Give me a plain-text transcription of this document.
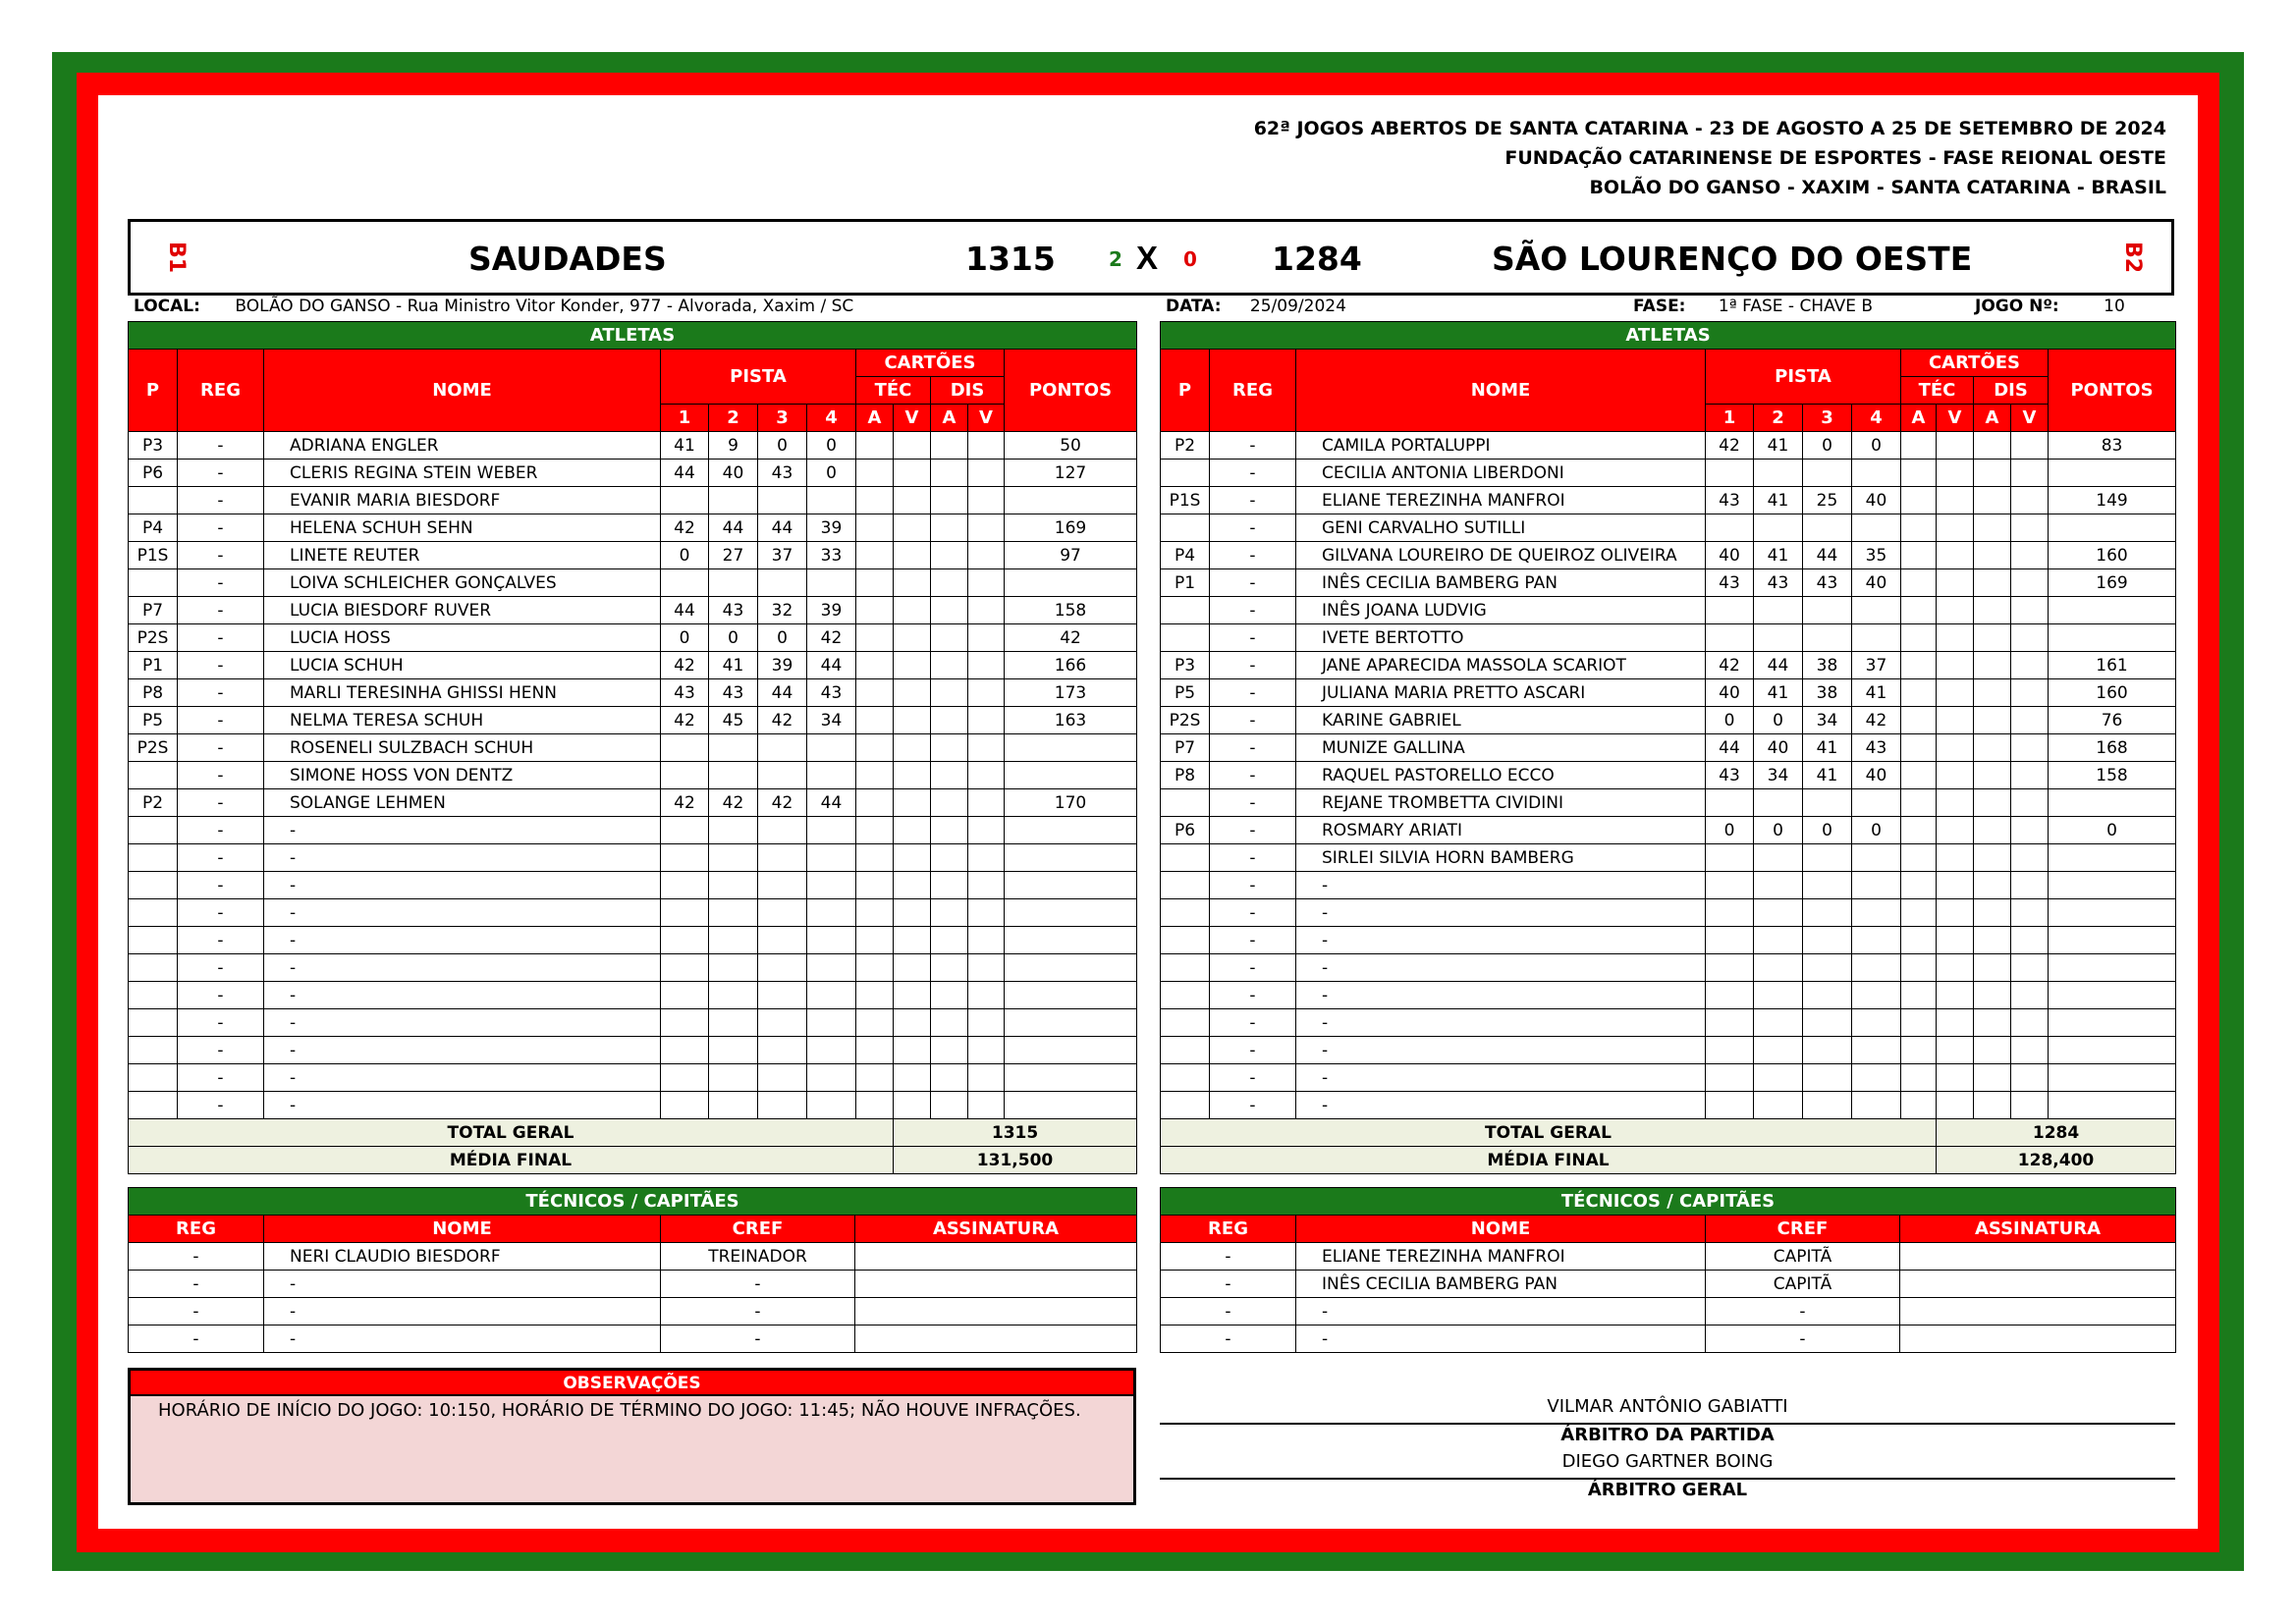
62ª JOGOS ABERTOS DE SANTA CATARINA - 23 DE AGOSTO A 25 DE SETEMBRO DE 2024
FUNDAÇÃO CATARINENSE DE ESPORTES - FASE REIONAL OESTE
BOLÃO DO GANSO - XAXIM - SANTA CATARINA - BRASIL
B1	SAUDADES	1315	2 X 0 1284	SÃO LOURENÇO DO OESTE	B2
LOCAL: BOLÃO DO GANSO - Rua Ministro Vitor Konder, 977 - Alvorada, Xaxim / SC	DATA: 25/09/2024	FASE: 1ª FASE - CHAVE B	JOGO Nº:	10
ATLETAS											
P	REG	NOME	PISTA				CARTÕES				PONTOS
							TÉC		DIS		
			1	2	3	4	A	V	A	V	
P3	-	ADRIANA ENGLER	41	9	0	0					50
P6	-	CLERIS REGINA STEIN WEBER	44	40	43	0					127
	-	EVANIR MARIA BIESDORF									
P4	-	HELENA SCHUH SEHN	42	44	44	39					169
P1S	-	LINETE REUTER	0	27	37	33					97
	-	LOIVA SCHLEICHER GONÇALVES									
P7	-	LUCIA BIESDORF RUVER	44	43	32	39					158
P2S	-	LUCIA HOSS	0	0	0	42					42
P1	-	LUCIA SCHUH	42	41	39	44					166
P8	-	MARLI TERESINHA GHISSI HENN	43	43	44	43					173
P5	-	NELMA TERESA SCHUH	42	45	42	34					163
P2S	-	ROSENELI SULZBACH SCHUH									
	-	SIMONE HOSS VON DENTZ									
P2	-	SOLANGE LEHMEN	42	42	42	44					170
	-	-									
	-	-									
	-	-									
	-	-									
	-	-									
	-	-									
	-	-									
	-	-									
	-	-									
	-	-									
	-	-									
TOTAL GERAL								1315			
MÉDIA FINAL								131,500			
ATLETAS											
P	REG	NOME	PISTA				CARTÕES				PONTOS
							TÉC		DIS		
			1	2	3	4	A	V	A	V	
P2	-	CAMILA PORTALUPPI	42	41	0	0					83
	-	CECILIA ANTONIA LIBERDONI									
P1S	-	ELIANE TEREZINHA MANFROI	43	41	25	40					149
	-	GENI CARVALHO SUTILLI									
P4	-	GILVANA LOUREIRO DE QUEIROZ OLIVEIRA	40	41	44	35					160
P1	-	INÊS CECILIA BAMBERG PAN	43	43	43	40					169
	-	INÊS JOANA LUDVIG									
	-	IVETE BERTOTTO									
P3	-	JANE APARECIDA MASSOLA SCARIOT	42	44	38	37					161
P5	-	JULIANA MARIA PRETTO ASCARI	40	41	38	41					160
P2S	-	KARINE GABRIEL	0	0	34	42					76
P7	-	MUNIZE GALLINA	44	40	41	43					168
P8	-	RAQUEL PASTORELLO ECCO	43	34	41	40					158
	-	REJANE TROMBETTA CIVIDINI									
P6	-	ROSMARY ARIATI	0	0	0	0					0
	-	SIRLEI SILVIA HORN BAMBERG									
	-	-									
	-	-									
	-	-									
	-	-									
	-	-									
	-	-									
	-	-									
	-	-									
	-	-									
TOTAL GERAL								1284			
MÉDIA FINAL								128,400			
TÉCNICOS / CAPITÃES			
REG	NOME	CREF	ASSINATURA
-	NERI CLAUDIO BIESDORF	TREINADOR	
-	-	-	
-	-	-	
-	-	-	
TÉCNICOS / CAPITÃES			
REG	NOME	CREF	ASSINATURA
-	ELIANE TEREZINHA MANFROI	CAPITÃ	
-	INÊS CECILIA BAMBERG PAN	CAPITÃ	
-	-	-	
-	-	-	
OBSERVAÇÕES
HORÁRIO DE INÍCIO DO JOGO: 10:150, HORÁRIO DE TÉRMINO DO JOGO: 11:45; NÃO HOUVE INFRAÇÕES.	VILMAR ANTÔNIO GABIATTI
ÁRBITRO DA PARTIDA
DIEGO GARTNER BOING
ÁRBITRO GERAL
